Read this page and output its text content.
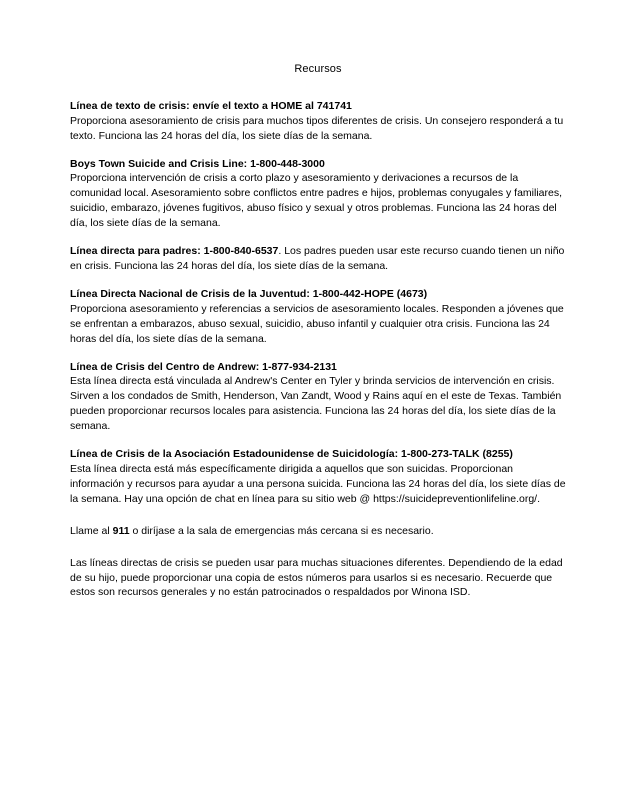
Recursos

Línea de texto de crisis: envíe el texto a HOME al 741741

Proporciona asesoramiento de crisis para muchos tipos diferentes de crisis. Un consejero responderá a tu texto. Funciona las 24 horas del día, los siete días de la semana.

Boys Town Suicide and Crisis Line: 1-800-448-3000

Proporciona intervención de crisis a corto plazo y asesoramiento y derivaciones a recursos de la comunidad local. Asesoramiento sobre conflictos entre padres e hijos, problemas conyugales y familiares, suicidio, embarazo, jóvenes fugitivos, abuso físico y sexual y otros problemas. Funciona las 24 horas del día, los siete días de la semana.

Línea directa para padres: 1-800-840-6537. Los padres pueden usar este recurso cuando tienen un niño en crisis. Funciona las 24 horas del día, los siete días de la semana.

Línea Directa Nacional de Crisis de la Juventud: 1-800-442-HOPE (4673)

Proporciona asesoramiento y referencias a servicios de asesoramiento locales. Responden a jóvenes que se enfrentan a embarazos, abuso sexual, suicidio, abuso infantil y cualquier otra crisis. Funciona las 24 horas del día, los siete días de la semana.

Línea de Crisis del Centro de Andrew: 1-877-934-2131

Esta línea directa está vinculada al Andrew's Center en Tyler y brinda servicios de intervención en crisis. Sirven a los condados de Smith, Henderson, Van Zandt, Wood y Rains aquí en el este de Texas. También pueden proporcionar recursos locales para asistencia. Funciona las 24 horas del día, los siete días de la semana.

Línea de Crisis de la Asociación Estadounidense de Suicidología: 1-800-273-TALK (8255)

Esta línea directa está más específicamente dirigida a aquellos que son suicidas. Proporcionan información y recursos para ayudar a una persona suicida. Funciona las 24 horas del día, los siete días de la semana. Hay una opción de chat en línea para su sitio web @ https://suicidepreventionlifeline.org/.

Llame al 911 o diríjase a la sala de emergencias más cercana si es necesario.

Las líneas directas de crisis se pueden usar para muchas situaciones diferentes. Dependiendo de la edad de su hijo, puede proporcionar una copia de estos números para usarlos si es necesario. Recuerde que estos son recursos generales y no están patrocinados o respaldados por Winona ISD.
